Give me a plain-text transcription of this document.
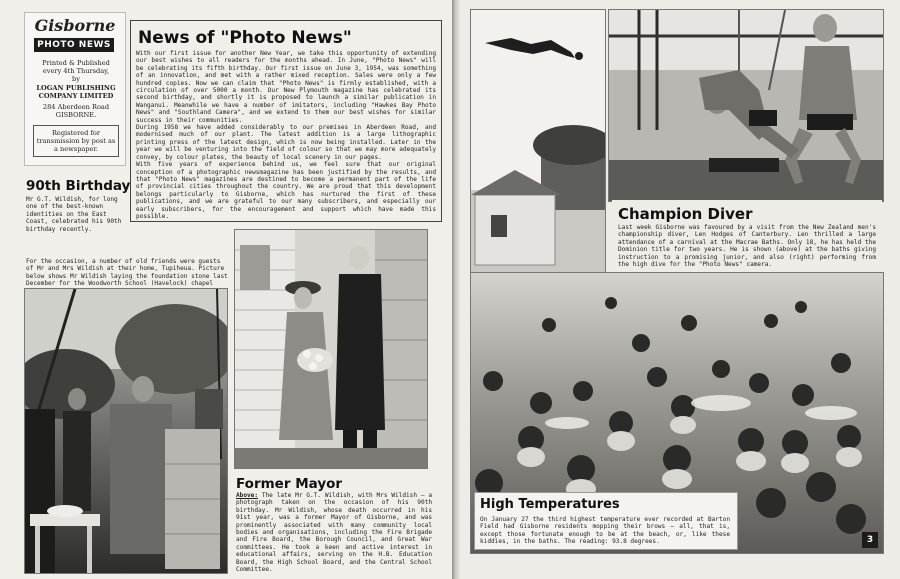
Gisborne
PHOTO NEWS
Printed & Published
every 4th Thursday,
by
LOGAN PUBLISHING
COMPANY LIMITED
284 Aberdeen Road
GISBORNE.
Registered for transmission by post as a newspaper.
News of "Photo News"
With our first issue for another New Year, we take this opportunity of extending our best wishes to all readers for the months ahead. In June, "Photo News" will be celebrating its fifth birthday. Our first issue on June 3, 1954, was something of an innovation, and met with a rather mixed reception. Sales were only a few hundred copies. Now we can claim that "Photo News" is firmly established, with a circulation of over 5000 a month. Our New Plymouth magazine has celebrated its second birthday, and shortly it is proposed to launch a similar publication in Wanganui. Meanwhile we have a number of imitators, including "Hawkes Bay Photo News" and "Southland Camera", and we extend to them our best wishes for similar success in their communities.
During 1958 we have added considerably to our premises in Aberdeen Road, and modernised much of our plant. The latest addition is a large lithographic printing press of the latest design, which is now being installed. Later in the year we will be venturing into the field of colour so that we may more adequately convey, by colour plates, the beauty of local scenery in our pages.
With five years of experience behind us, we feel sure that our original conception of a photographic newsmagazine has been justified by the results, and that "Photo News" magazines are destined to become a permanent part of the life of provincial cities throughout the country. We are proud that this development belongs particularly to Gisborne, which has nurtured the first of these publications, and we are grateful to our many subscribers, and especially our early subscribers, for the encouragement and support which have made this possible.
90th Birthday
Mr G.T. Wildish, for long one of the best-known identities on the East Coast, celebrated his 90th birthday recently.
For the occasion, a number of old friends were guests of Mr and Mrs Wildish at their home, Tupiheua. Picture below shows Mr Wildish laying the foundation stone last December for the Woodworth School (Havelock) chapel
Former Mayor
Above: The late Mr G.T. Wildish, with Mrs Wildish — a photograph taken on the occasion of his 90th birthday. Mr Wildish, whose death occurred in his 91st year, was a former Mayor of Gisborne, and was prominently associated with many community local bodies and organisations, including the Fire Brigade and Fire Board, the Borough Council, and Great War committees. He took a keen and active interest in educational affairs, serving on the H.B. Education Board, the High School Board, and the Central School Committee.
Champion Diver
Last week Gisborne was favoured by a visit from the New Zealand men's championship diver, Len Hodges of Canterbury. Len thrilled a large attendance of a carnival at the Macrae Baths. Only 18, he has held the Dominion title for two years. He is shown (above) at the baths giving instruction to a promising junior, and also (right) performing from the high dive for the "Photo News" camera.
High Temperatures
On January 27 the third highest temperature ever recorded at Barton Field had Gisborne residents mopping their brows — all, that is, except those fortunate enough to be at the beach, or, like these kiddies, in the baths. The reading: 93.8 degrees.	3
